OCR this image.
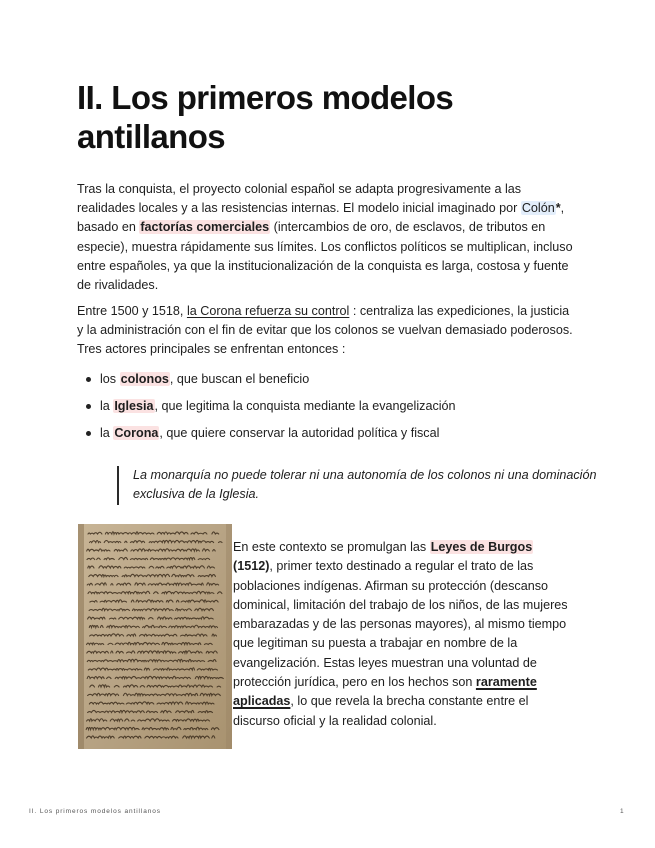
II. Los primeros modelos antillanos

Tras la conquista, el proyecto colonial español se adapta progresivamente a las realidades locales y a las resistencias internas. El modelo inicial imaginado por Colón*, basado en factorías comerciales (intercambios de oro, de esclavos, de tributos en especie), muestra rápidamente sus límites. Los conflictos políticos se multiplican, incluso entre españoles, ya que la institucionalización de la conquista es larga, costosa y fuente de rivalidades.

Entre 1500 y 1518, la Corona refuerza su control : centraliza las expediciones, la justicia y la administración con el fin de evitar que los colonos se vuelvan demasiado poderosos. Tres actores principales se enfrentan entonces :

los colonos, que buscan el beneficio
la Iglesia, que legitima la conquista mediante la evangelización
la Corona, que quiere conservar la autoridad política y fiscal
La monarquía no puede tolerar ni una autonomía de los colonos ni una dominación exclusiva de la Iglesia.

En este contexto se promulgan las Leyes de Burgos
(1512), primer texto destinado a regular el trato de las poblaciones indígenas. Afirman su protección (descanso dominical, limitación del trabajo de los niños, de las mujeres embarazadas y de las personas mayores), al mismo tiempo que legitiman su puesta a trabajar en nombre de la evangelización. Estas leyes muestran una voluntad de protección jurídica, pero en los hechos son raramente aplicadas, lo que revela la brecha constante entre el discurso oficial y la realidad colonial.

II. Los primeros modelos antillanos	1
